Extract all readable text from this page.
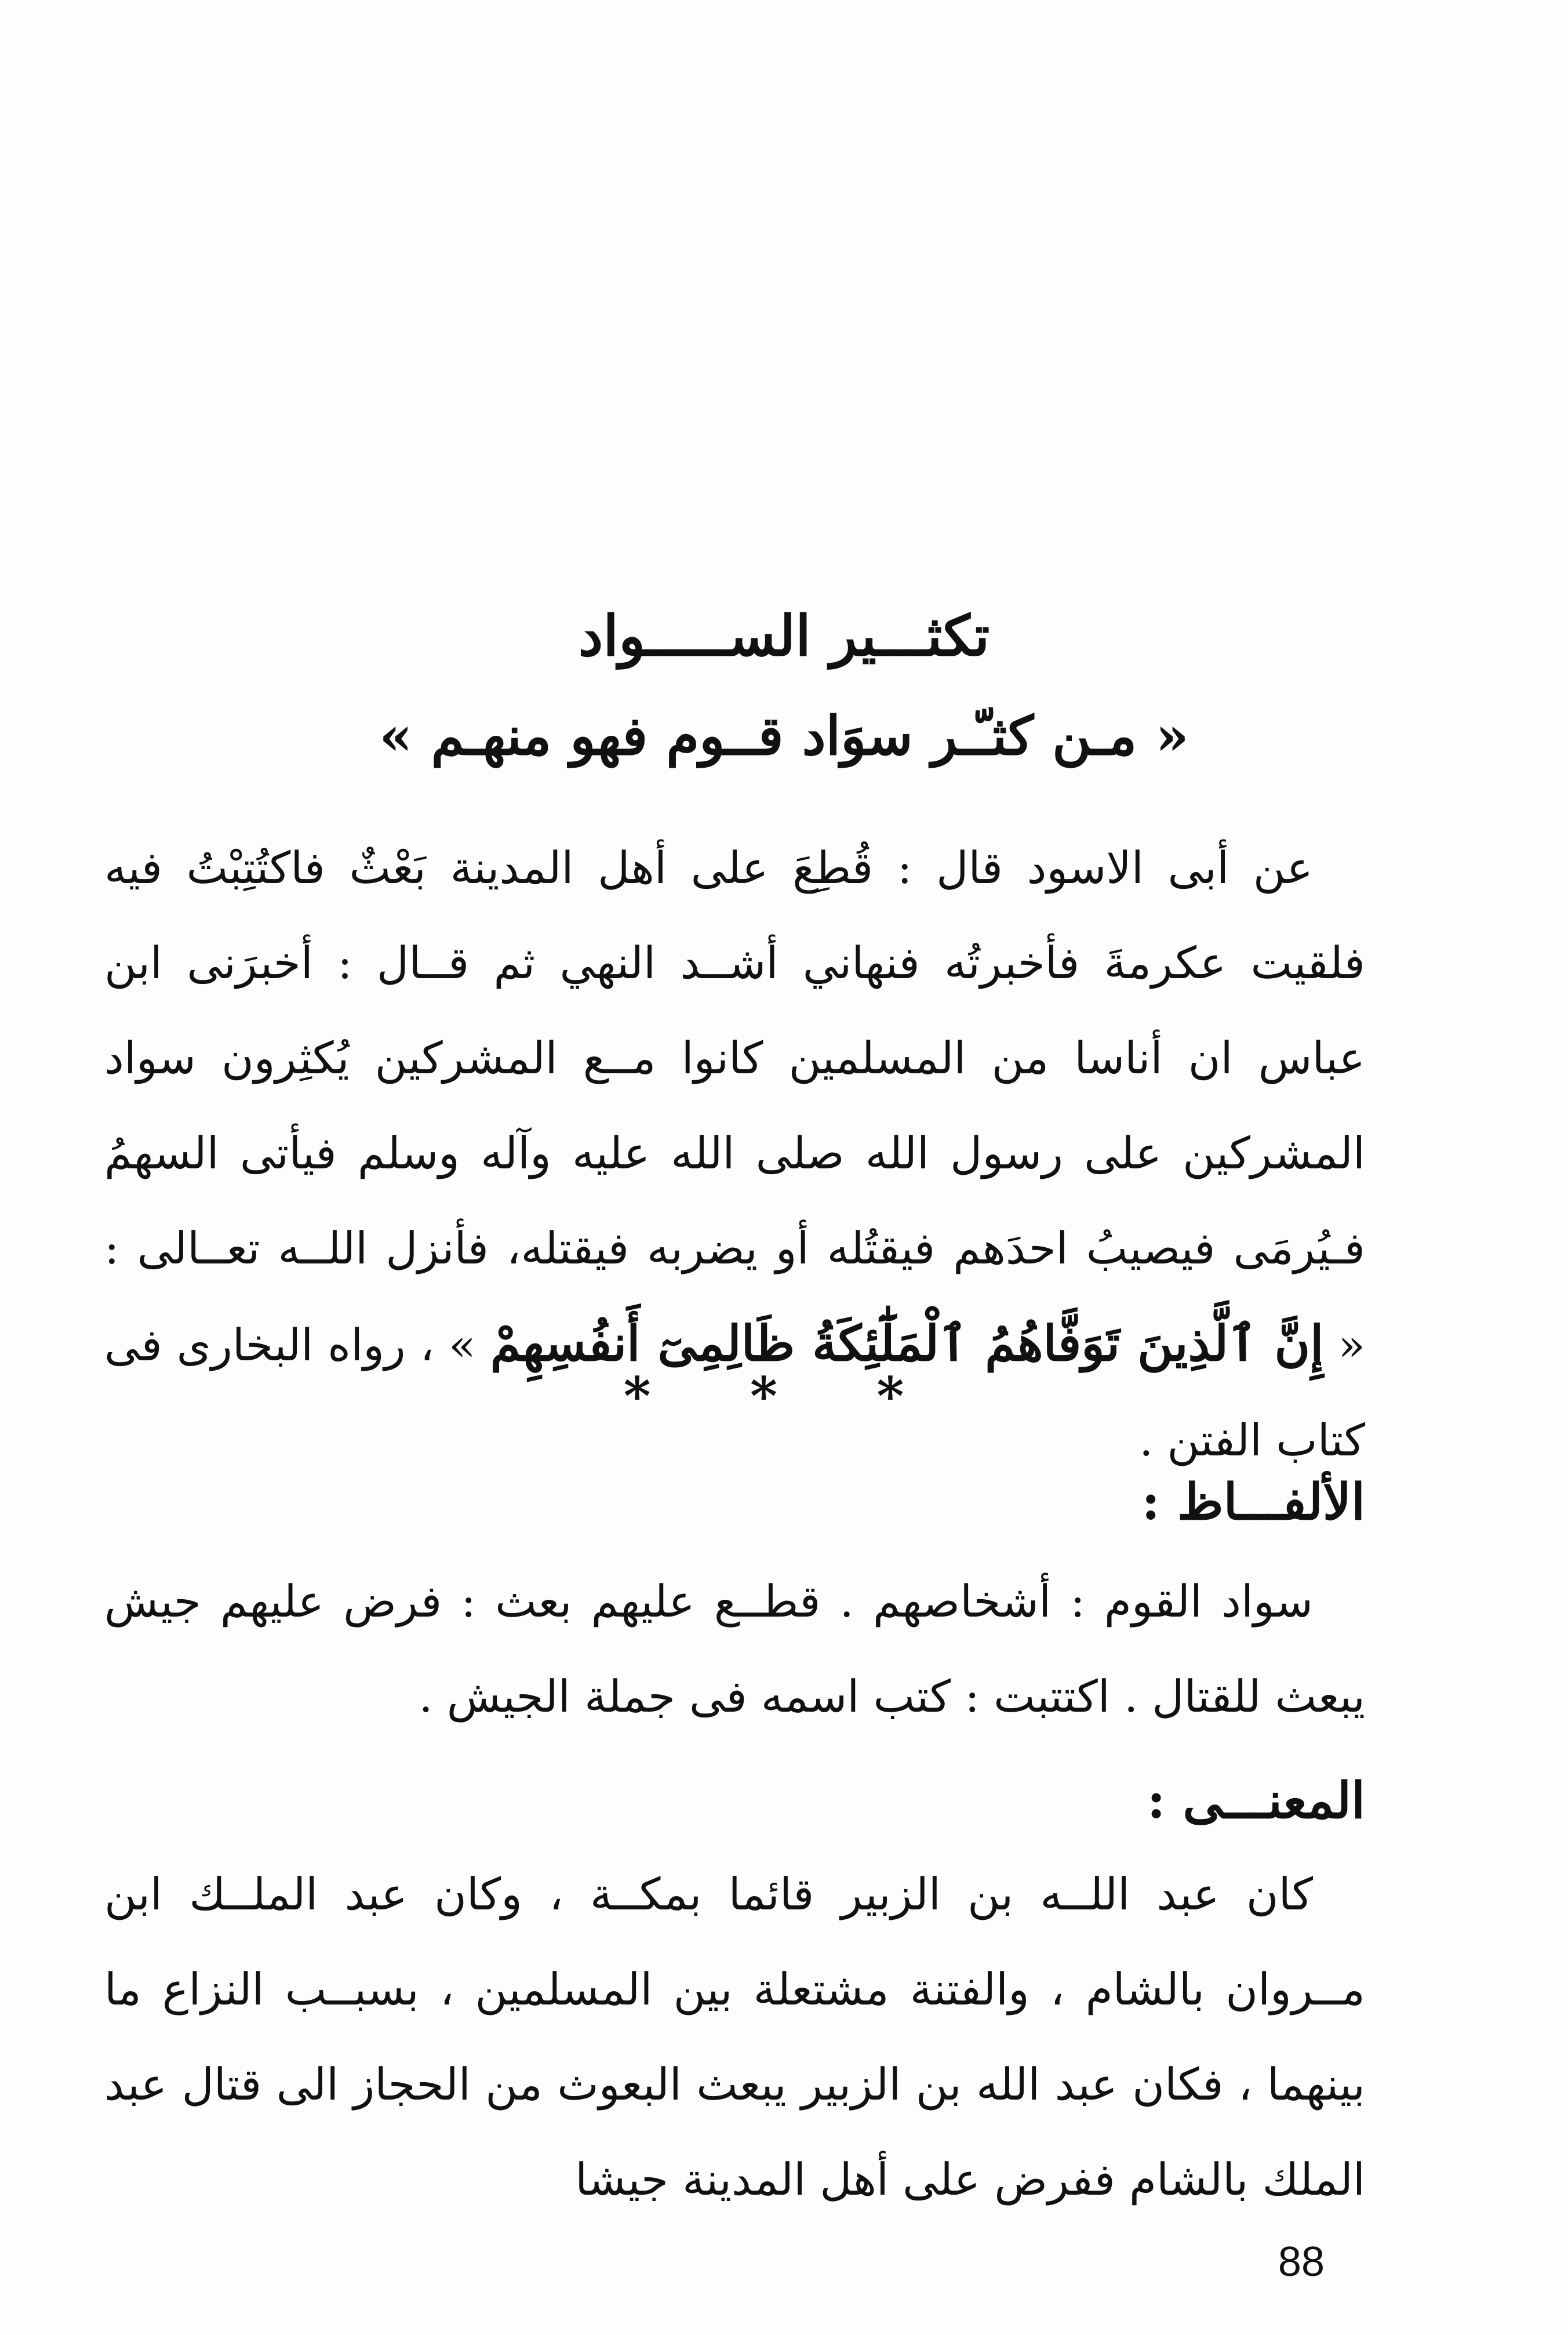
تكثـــير الســـــواد
« مـن كثـّـر سوَاد قــوم فهو منهـم »
عن أبى الاسود قال : قُطِعَ على أهل المدينة بَعْثٌ فاكتُتِبْتُ فيه فلقيت عكرمةَ فأخبرتُه فنهاني أشــد النهي ثم قــال : أخبرَنى ابن عباس ان أناسا من المسلمين كانوا مــع المشركين يُكثِرون سواد المشركين على رسول الله صلى الله عليه وآله وسلم فيأتى السهمُ فـيُرمَى فيصيبُ احدَهم فيقتُله أو يضربه فيقتله، فأنزل اللــه تعــالى : « إِنَّ ٱلَّذِينَ تَوَفَّاهُمُ ٱلْمَلَٰٓئِكَةُ ظَالِمِىٓ أَنفُسِهِمْ » ، رواه البخارى فى كتاب الفتن .
* * *
الألفـــاظ :
سواد القوم : أشخاصهم . قطــع عليهم بعث : فرض عليهم جيش يبعث للقتال . اكتتبت : كتب اسمه فى جملة الجيش .
المعنـــى :
كان عبد اللــه بن الزبير قائما بمكــة ، وكان عبد الملــك ابن مــروان بالشام ، والفتنة مشتعلة بين المسلمين ، بسبــب النزاع ما بينهما ، فكان عبد الله بن الزبير يبعث البعوث من الحجاز الى قتال عبد الملك بالشام ففرض على أهل المدينة جيشا
88
